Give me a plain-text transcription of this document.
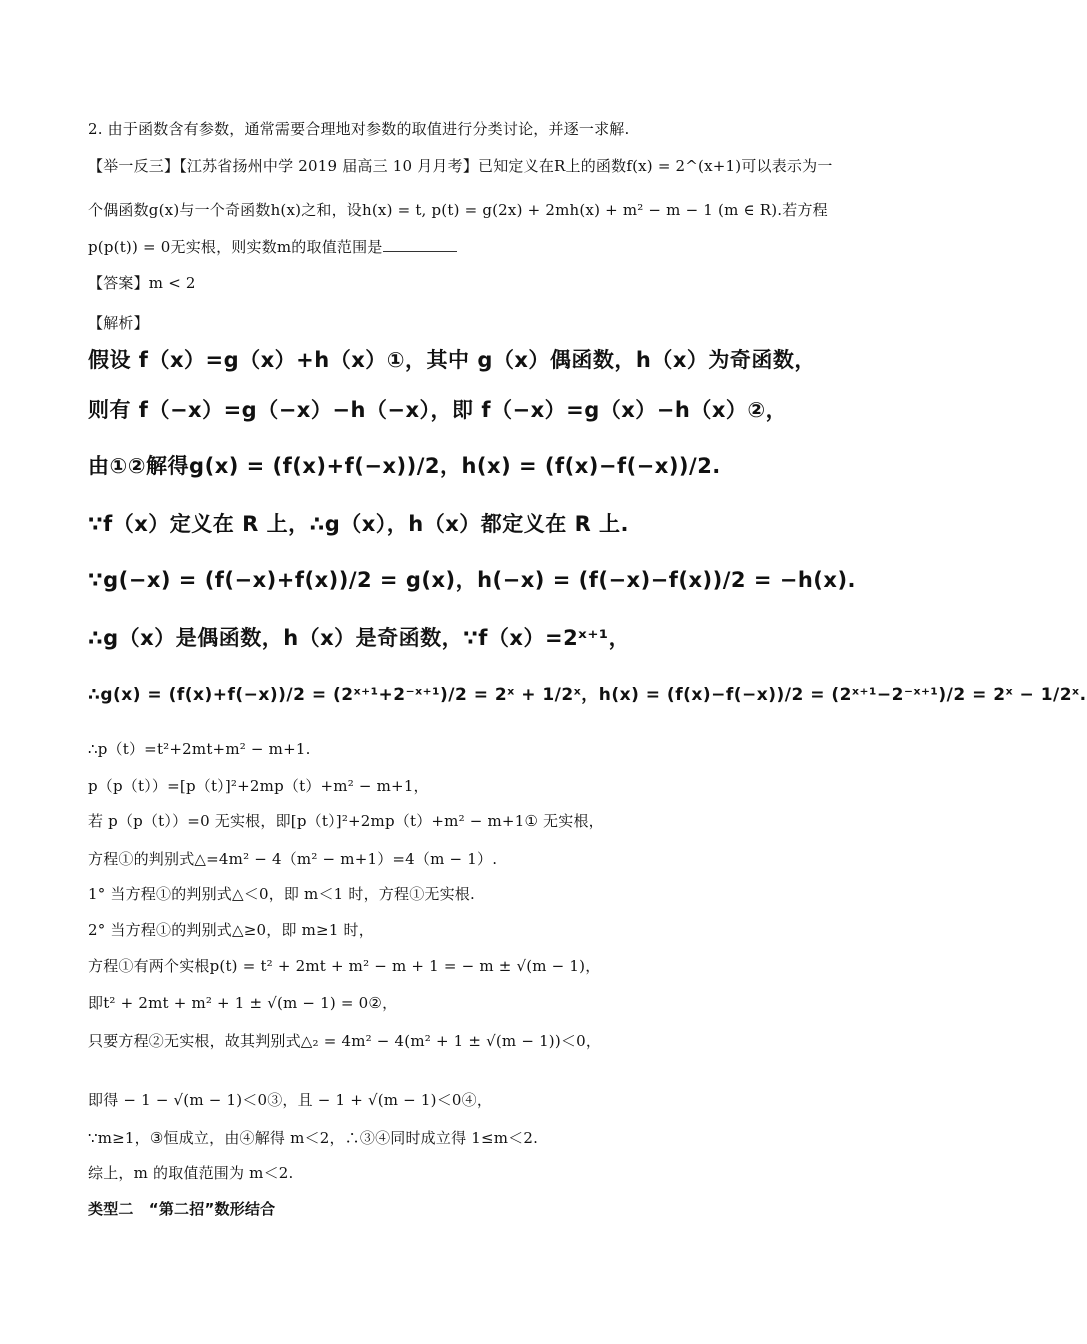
2. 由于函数含有参数，通常需要合理地对参数的取值进行分类讨论，并逐一求解.
【举一反三】【江苏省扬州中学 2019 届高三 10 月月考】已知定义在R上的函数f(x) = 2^(x+1)可以表示为一
个偶函数g(x)与一个奇函数h(x)之和，设h(x) = t, p(t) = g(2x) + 2mh(x) + m² − m − 1 (m ∈ R).若方程
p(p(t)) = 0无实根，则实数m的取值范围是
【答案】m < 2
【解析】
假设 f（x）=g（x）+h（x）①，其中 g（x）偶函数，h（x）为奇函数，
则有 f（−x）=g（−x）−h（−x），即 f（−x）=g（x）−h（x）②，
由①②解得g(x) = (f(x)+f(−x))/2，h(x) = (f(x)−f(−x))/2.
∵f（x）定义在 R 上，∴g（x），h（x）都定义在 R 上.
∵g(−x) = (f(−x)+f(x))/2 = g(x)，h(−x) = (f(−x)−f(x))/2 = −h(x).
∴g（x）是偶函数，h（x）是奇函数，∵f（x）=2ˣ⁺¹，
∴g(x) = (f(x)+f(−x))/2 = (2ˣ⁺¹+2⁻ˣ⁺¹)/2 = 2ˣ + 1/2ˣ，h(x) = (f(x)−f(−x))/2 = (2ˣ⁺¹−2⁻ˣ⁺¹)/2 = 2ˣ − 1/2ˣ.
∴p（t）=t²+2mt+m² − m+1.
p（p（t））=[p（t）]²+2mp（t）+m² − m+1，
若 p（p（t））=0 无实根，即[p（t）]²+2mp（t）+m² − m+1① 无实根，
方程①的判别式△=4m² − 4（m² − m+1）=4（m − 1）.
1° 当方程①的判别式△＜0，即 m＜1 时，方程①无实根.
2° 当方程①的判别式△≥0，即 m≥1 时，
方程①有两个实根p(t) = t² + 2mt + m² − m + 1 = − m ± √(m − 1)，
即t² + 2mt + m² + 1 ± √(m − 1) = 0②，
只要方程②无实根，故其判别式△₂ = 4m² − 4(m² + 1 ± √(m − 1))＜0，
即得 − 1 − √(m − 1)＜0③，且 − 1 + √(m − 1)＜0④，
∵m≥1，③恒成立，由④解得 m＜2，∴③④同时成立得 1≤m＜2.
综上，m 的取值范围为 m＜2.
类型二　“第二招”数形结合
